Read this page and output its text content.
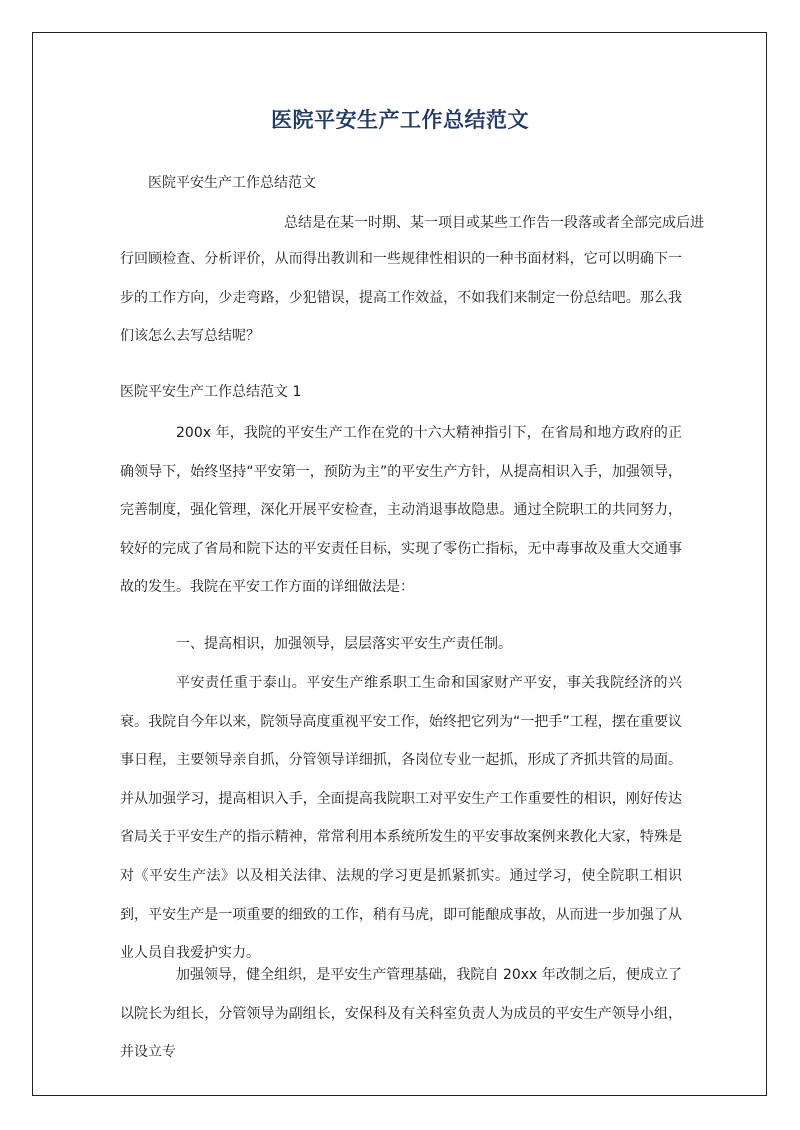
医院平安生产工作总结范文
医院平安生产工作总结范文
总结是在某一时期、某一项目或某些工作告一段落或者全部完成后进
行回顾检查、分析评价，从而得出教训和一些规律性相识的一种书面材料，它可以明确下一步的工作方向，少走弯路，少犯错误，提高工作效益，不如我们来制定一份总结吧。那么我们该怎么去写总结呢？
医院平安生产工作总结范文 1
200x 年，我院的平安生产工作在党的十六大精神指引下，在省局和地方政府的正确领导下，始终坚持“平安第一，预防为主”的平安生产方针，从提高相识入手，加强领导，完善制度，强化管理，深化开展平安检查，主动消退事故隐患。通过全院职工的共同努力，较好的完成了省局和院下达的平安责任目标，实现了零伤亡指标，无中毒事故及重大交通事故的发生。我院在平安工作方面的详细做法是：
一、提高相识，加强领导，层层落实平安生产责任制。
平安责任重于泰山。平安生产维系职工生命和国家财产平安，事关我院经济的兴衰。我院自今年以来，院领导高度重视平安工作，始终把它列为“一把手”工程，摆在重要议事日程，主要领导亲自抓，分管领导详细抓，各岗位专业一起抓，形成了齐抓共管的局面。并从加强学习，提高相识入手，全面提高我院职工对平安生产工作重要性的相识，刚好传达省局关于平安生产的指示精神，常常利用本系统所发生的平安事故案例来教化大家，特殊是对《平安生产法》以及相关法律、法规的学习更是抓紧抓实。通过学习，使全院职工相识到，平安生产是一项重要的细致的工作，稍有马虎，即可能酿成事故，从而进一步加强了从业人员自我爱护实力。
加强领导，健全组织，是平安生产管理基础，我院自 20xx 年改制之后，便成立了以院长为组长，分管领导为副组长，安保科及有关科室负责人为成员的平安生产领导小组，并设立专
